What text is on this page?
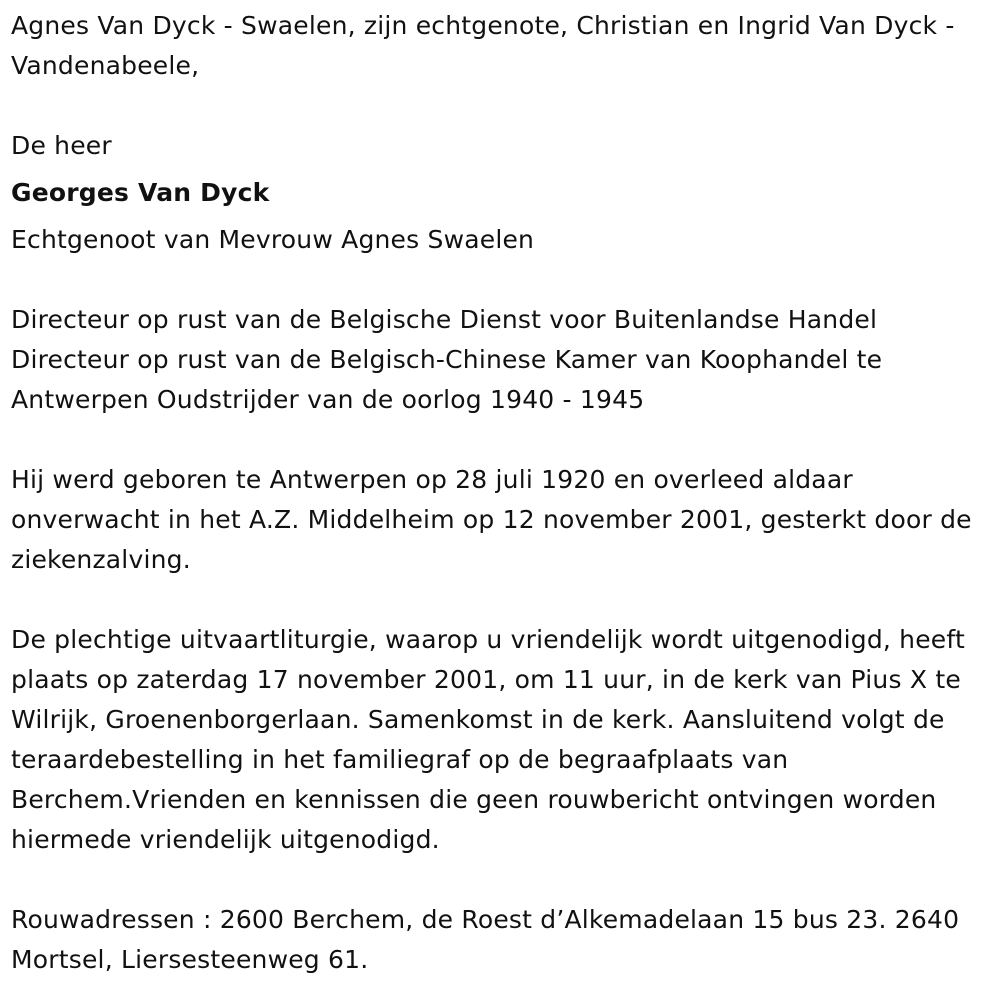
Agnes Van Dyck - Swaelen, zijn echtgenote, Christian en Ingrid Van Dyck - Vandenabeele,

De heer

Georges Van Dyck

Echtgenoot van Mevrouw Agnes Swaelen

Directeur op rust van de Belgische Dienst voor Buitenlandse Handel Directeur op rust van de Belgisch-Chinese Kamer van Koophandel te Antwerpen Oudstrijder van de oorlog 1940 - 1945

Hij werd geboren te Antwerpen op 28 juli 1920 en overleed aldaar onverwacht in het A.Z. Middelheim op 12 november 2001, gesterkt door de ziekenzalving.

De plechtige uitvaartliturgie, waarop u vriendelijk wordt uitgenodigd, heeft plaats op zaterdag 17 november 2001, om 11 uur, in de kerk van Pius X te Wilrijk, Groenenborgerlaan. Samenkomst in de kerk. Aansluitend volgt de teraardebestelling in het familiegraf op de begraafplaats van Berchem.Vrienden en kennissen die geen rouwbericht ontvingen worden hiermede vriendelijk uitgenodigd.

Rouwadressen : 2600 Berchem, de Roest d’Alkemadelaan 15 bus 23. 2640 Mortsel, Liersesteenweg 61.
